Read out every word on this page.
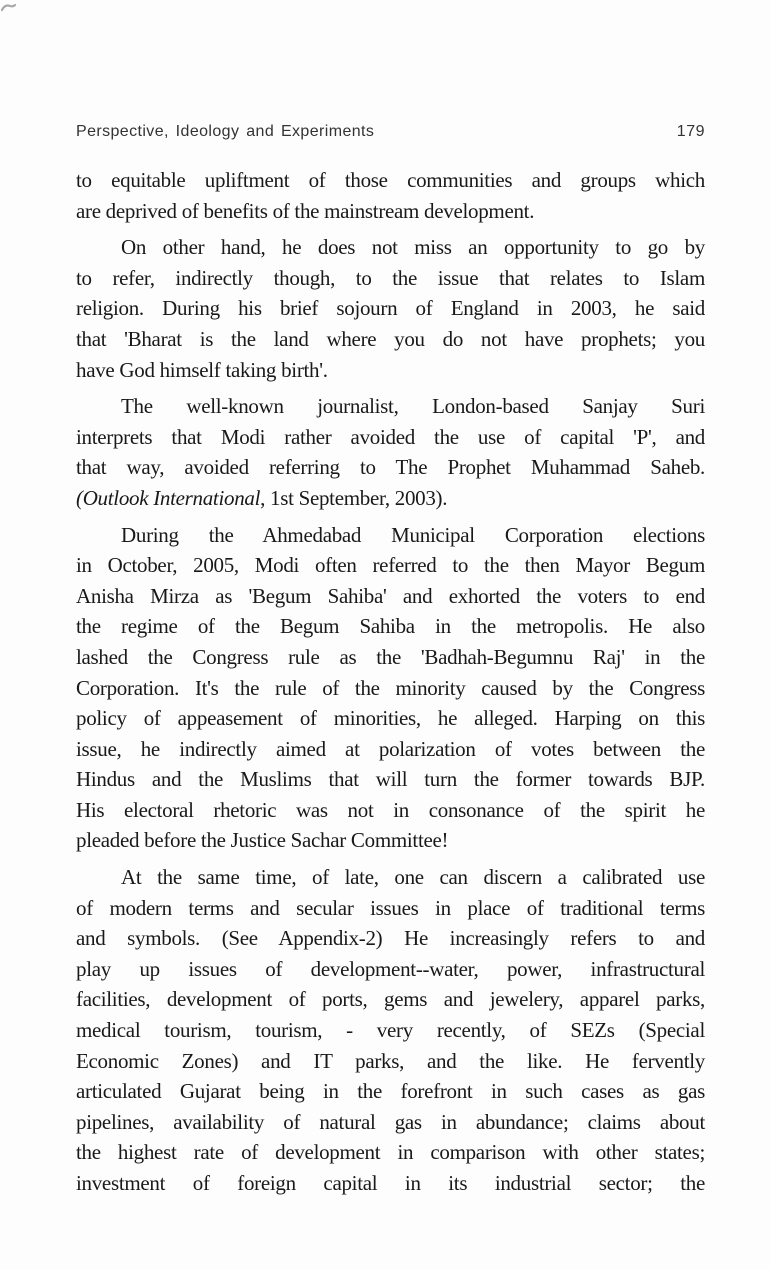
Perspective, Ideology and Experiments	179
to equitable upliftment of those communities and groups which
are deprived of benefits of the mainstream development.
On other hand, he does not miss an opportunity to go by
to refer, indirectly though, to the issue that relates to Islam
religion. During his brief sojourn of England in 2003, he said
that 'Bharat is the land where you do not have prophets; you
have God himself taking birth'.
The well-known journalist, London-based Sanjay Suri
interprets that Modi rather avoided the use of capital 'P', and
that way, avoided referring to The Prophet Muhammad Saheb.
(Outlook International, 1st September, 2003).
During the Ahmedabad Municipal Corporation elections
in October, 2005, Modi often referred to the then Mayor Begum
Anisha Mirza as 'Begum Sahiba' and exhorted the voters to end
the regime of the Begum Sahiba in the metropolis. He also
lashed the Congress rule as the 'Badhah-Begumnu Raj' in the
Corporation. It's the rule of the minority caused by the Congress
policy of appeasement of minorities, he alleged. Harping on this
issue, he indirectly aimed at polarization of votes between the
Hindus and the Muslims that will turn the former towards BJP.
His electoral rhetoric was not in consonance of the spirit he
pleaded before the Justice Sachar Committee!
At the same time, of late, one can discern a calibrated use
of modern terms and secular issues in place of traditional terms
and symbols. (See Appendix-2) He increasingly refers to and
play up issues of development--water, power, infrastructural
facilities, development of ports, gems and jewelery, apparel parks,
medical tourism, tourism, - very recently, of SEZs (Special
Economic Zones) and IT parks, and the like. He fervently
articulated Gujarat being in the forefront in such cases as gas
pipelines, availability of natural gas in abundance; claims about
the highest rate of development in comparison with other states;
investment of foreign capital in its industrial sector; the
